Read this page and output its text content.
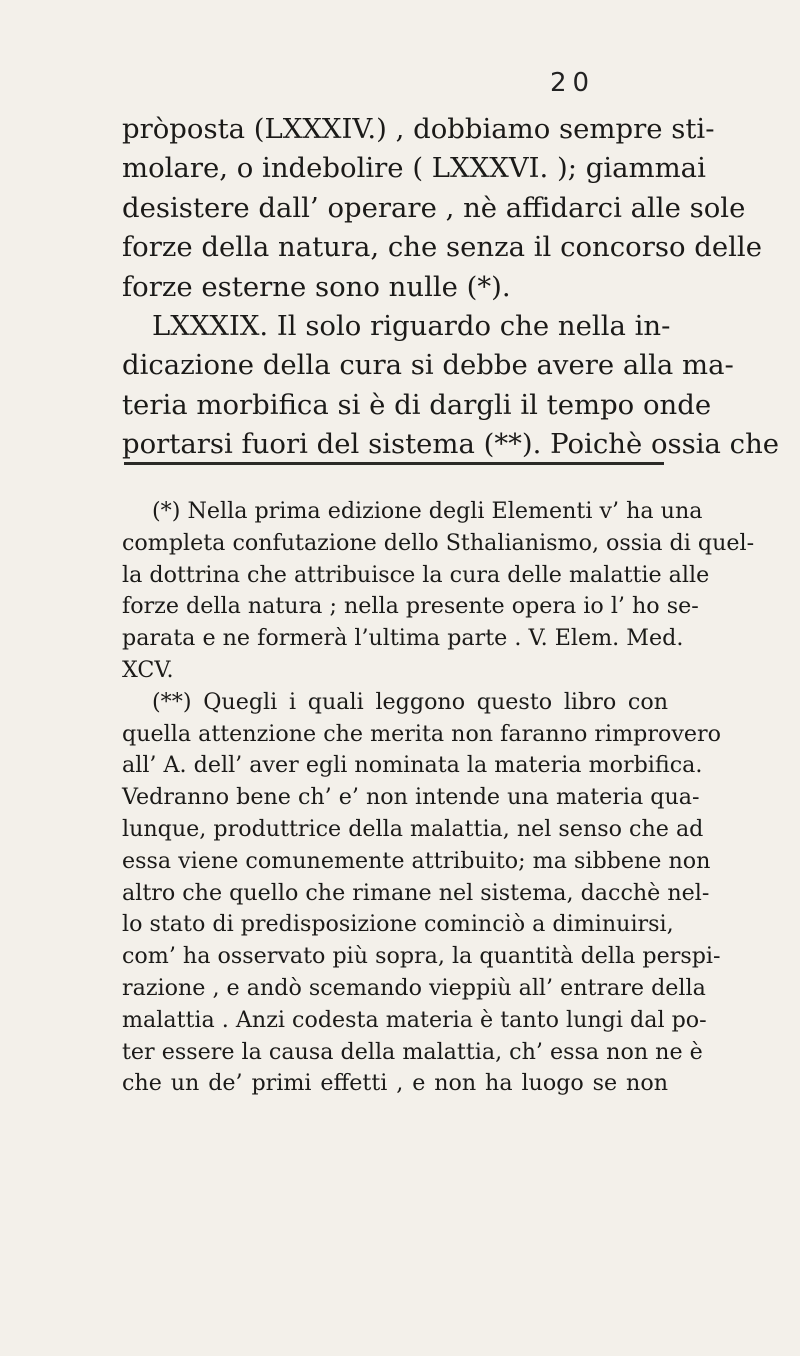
20
pròposta (LXXXIV.) , dobbiamo sempre sti-
molare, o indebolire ( LXXXVI. ); giammai
desistere dall’ operare , nè affidarci alle sole
forze della natura, che senza il concorso delle
forze esterne sono nulle (*).
LXXXIX. Il solo riguardo che nella in-
dicazione della cura si debbe avere alla ma-
teria morbifica si è di dargli il tempo onde
portarsi fuori del sistema (**). Poichè ossia che
(*) Nella prima edizione degli Elementi v’ ha una
completa confutazione dello Sthalianismo, ossia di quel-
la dottrina che attribuisce la cura delle malattie alle
forze della natura ; nella presente opera io l’ ho se-
parata e ne formerà l’ultima parte . V. Elem. Med.
XCV.
(**) Quegli i quali leggono questo libro con
quella attenzione che merita non faranno rimprovero
all’ A. dell’ aver egli nominata la materia morbifica.
Vedranno bene ch’ e’ non intende una materia qua-
lunque, produttrice della malattia, nel senso che ad
essa viene comunemente attribuito; ma sibbene non
altro che quello che rimane nel sistema, dacchè nel-
lo stato di predisposizione cominciò a diminuirsi,
com’ ha osservato più sopra, la quantità della perspi-
razione , e andò scemando vieppiù all’ entrare della
malattia . Anzi codesta materia è tanto lungi dal po-
ter essere la causa della malattia, ch’ essa non ne è
che un de’ primi effetti , e non ha luogo se non
